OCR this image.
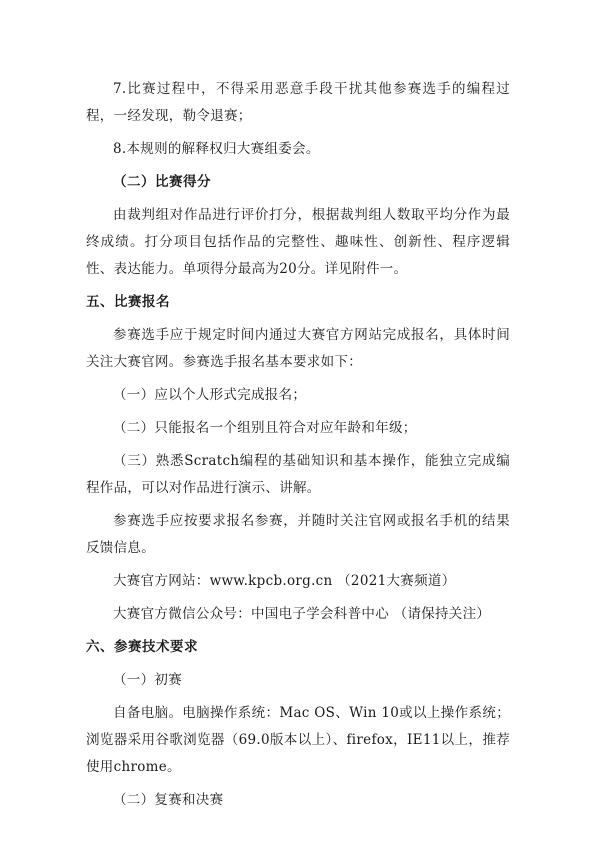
7.比赛过程中，不得采用恶意手段干扰其他参赛选手的编程过程，一经发现，勒令退赛；

8.本规则的解释权归大赛组委会。

（二）比赛得分

由裁判组对作品进行评价打分，根据裁判组人数取平均分作为最终成绩。打分项目包括作品的完整性、趣味性、创新性、程序逻辑性、表达能力。单项得分最高为20分。详见附件一。

五、比赛报名

参赛选手应于规定时间内通过大赛官方网站完成报名，具体时间关注大赛官网。参赛选手报名基本要求如下：

（一）应以个人形式完成报名；

（二）只能报名一个组别且符合对应年龄和年级；

（三）熟悉Scratch编程的基础知识和基本操作，能独立完成编程作品，可以对作品进行演示、讲解。

参赛选手应按要求报名参赛，并随时关注官网或报名手机的结果反馈信息。

大赛官方网站：www.kpcb.org.cn （2021大赛频道）

大赛官方微信公众号：中国电子学会科普中心 （请保持关注）

六、参赛技术要求

（一）初赛

自备电脑。电脑操作系统：Mac OS、Win 10或以上操作系统；浏览器采用谷歌浏览器（69.0版本以上）、firefox，IE11以上，推荐使用chrome。

（二）复赛和决赛
